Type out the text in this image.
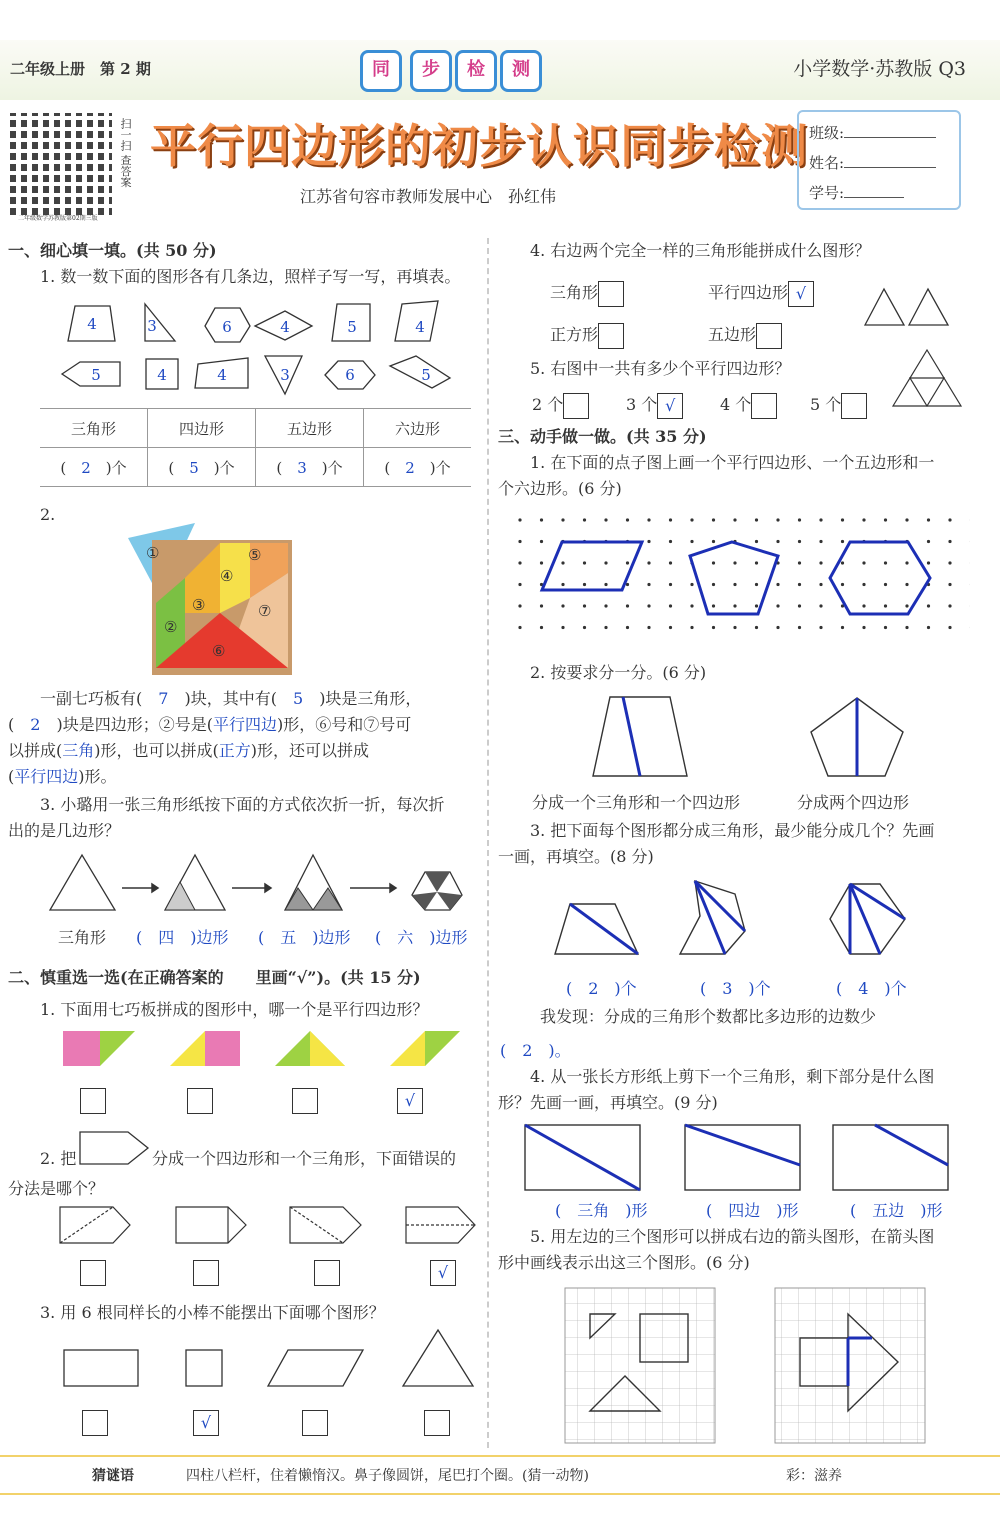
二年级上册　第 2 期	同	步	检	测	小学数学·苏教版 Q3
扫一扫 查答案
二年级数学苏教版第02期三版
平行四边形的初步认识同步检测
江苏省句容市教师发展中心　孙红伟
班级:
姓名:
学号:
一、细心填一填。(共 50 分)
1. 数一数下面的图形各有几条边，照样子写一写，再填表。
4	3	6	4	5	4
5	4	4	3	6	5
三角形	四边形	五边形	六边形
(　2　)个	(　5　)个	(　3　)个	(　2　)个
2.
①
②
③
④
⑤
⑥
⑦
一副七巧板有(　 7　 )块，其中有(　 5　 )块是三角形，
(　 2　 )块是四边形；②号是(平行四边)形，⑥号和⑦号可
以拼成(三角)形，也可以拼成(正方)形，还可以拼成
(平行四边)形。
3. 小璐用一张三角形纸按下面的方式依次折一折，每次折
出的是几边形？
三角形 (　四　)边形 (　五　)边形 (　六　)边形
二、慎重选一选(在正确答案的　　里画“√”)。(共 15 分)
1. 下面用七巧板拼成的图形中，哪一个是平行四边形？
√
2. 把	分成一个四边形和一个三角形，下面错误的
分法是哪个？
√
3. 用 6 根同样长的小棒不能摆出下面哪个图形？
√
4. 右边两个完全一样的三角形能拼成什么图形？
三角形	平行四边形 √
正方形	五边形
5. 右图中一共有多少个平行四边形？
2 个	3 个 √	4 个	5 个
三、动手做一做。(共 35 分)
1. 在下面的点子图上画一个平行四边形、一个五边形和一
个六边形。(6 分)
2. 按要求分一分。(6 分)
分成一个三角形和一个四边形	分成两个四边形
3. 把下面每个图形都分成三角形，最少能分成几个？先画
一画，再填空。(8 分)
(　2　)个	(　3　)个	(　4　)个
我发现：分成的三角形个数都比多边形的边数少
(　2　)。
4. 从一张长方形纸上剪下一个三角形，剩下部分是什么图
形？先画一画，再填空。(9 分)
(　三角　)形	(　四边　)形	(　五边　)形
5. 用左边的三个图形可以拼成右边的箭头图形，在箭头图
形中画线表示出这三个图形。(6 分)
猜谜语	四柱八栏杆，住着懒惰汉。鼻子像圆饼，尾巴打个圈。(猜一动物)	彩：滋养
